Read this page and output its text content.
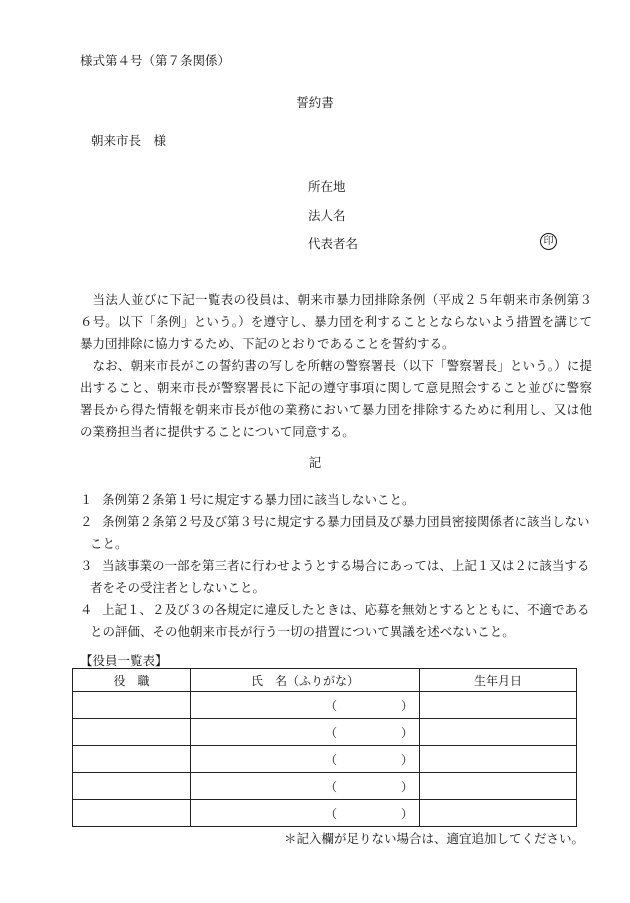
様式第４号（第７条関係）
誓約書
朝来市長　様
所在地
法人名
代表者名	印

当法人並びに下記一覧表の役員は、朝来市暴力団排除条例（平成２５年朝来市条例第３６号。以下「条例」という。）を遵守し、暴力団を利することとならないよう措置を講じて暴力団排除に協力するため、下記のとおりであることを誓約する。

なお、朝来市長がこの誓約書の写しを所轄の警察署長（以下「警察署長」という。）に提出すること、朝来市長が警察署長に下記の遵守事項に関して意見照会すること並びに警察署長から得た情報を朝来市長が他の業務において暴力団を排除するために利用し、又は他の業務担当者に提供することについて同意する。

記
１ 条例第２条第１号に規定する暴力団に該当しないこと。
２ 条例第２条第２号及び第３号に規定する暴力団員及び暴力団員密接関係者に該当しない
こと。
３ 当該事業の一部を第三者に行わせようとする場合にあっては、上記１又は２に該当する
者をその受注者としないこと。
４ 上記１、２及び３の各規定に違反したときは、応募を無効とするとともに、不適である
との評価、その他朝来市長が行う一切の措置について異議を述べないこと。
【役員一覧表】
役　職	氏　名（ふりがな）	生年月日

	（ ）	

	（ ）	

	（ ）	

	（ ）	

	（ ）	

＊記入欄が足りない場合は、適宜追加してください。
